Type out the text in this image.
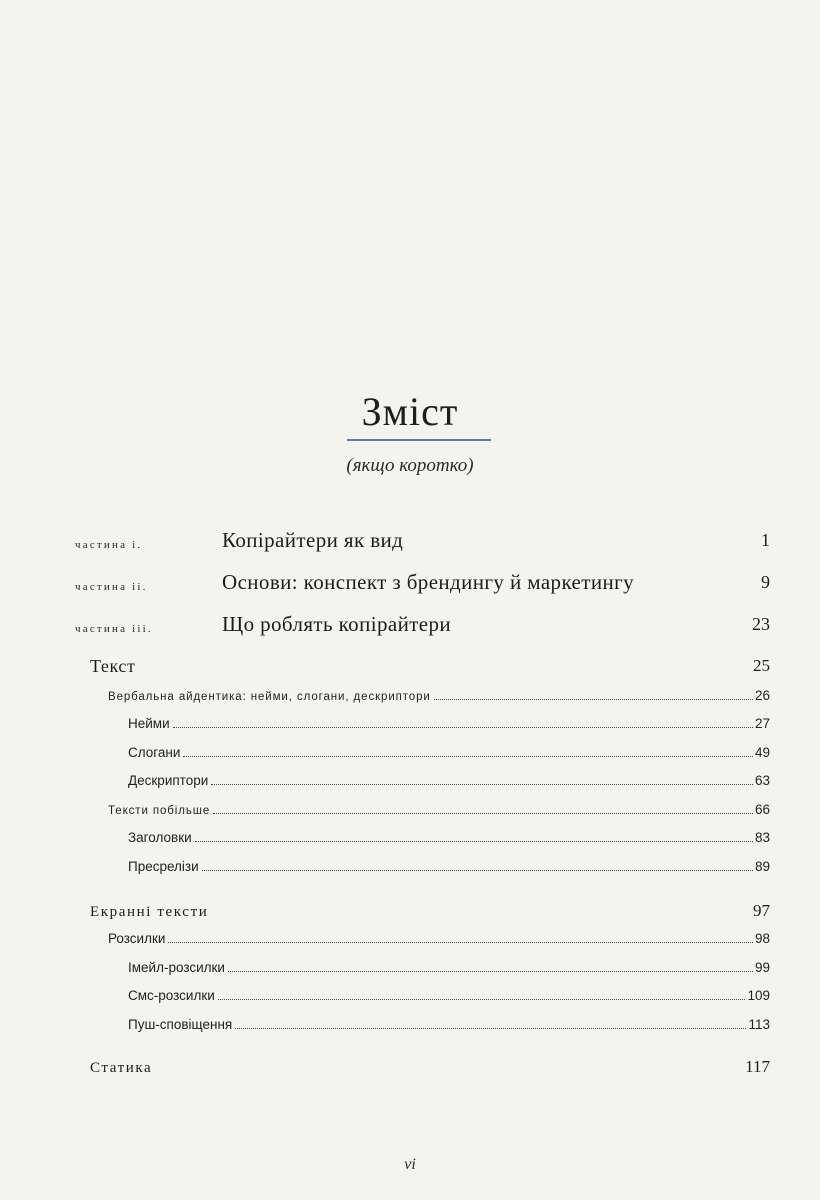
Зміст
(якщо коротко)
частина і.	Копірайтери як вид	1
частина іі.	Основи: конспект з брендингу й маркетингу	9
частина ііі.	Що роблять копірайтери	23
Текст	25
Вербальна айдентика: нейми, слогани, дескриптори	26
Нейми	27
Слогани	49
Дескриптори	63
Тексти побільше	66
Заголовки	83
Пресрелізи	89
Екранні тексти	97
Розсилки	98
Імейл-розсилки	99
Смс-розсилки	109
Пуш-сповіщення	113
Статика	117
vi
